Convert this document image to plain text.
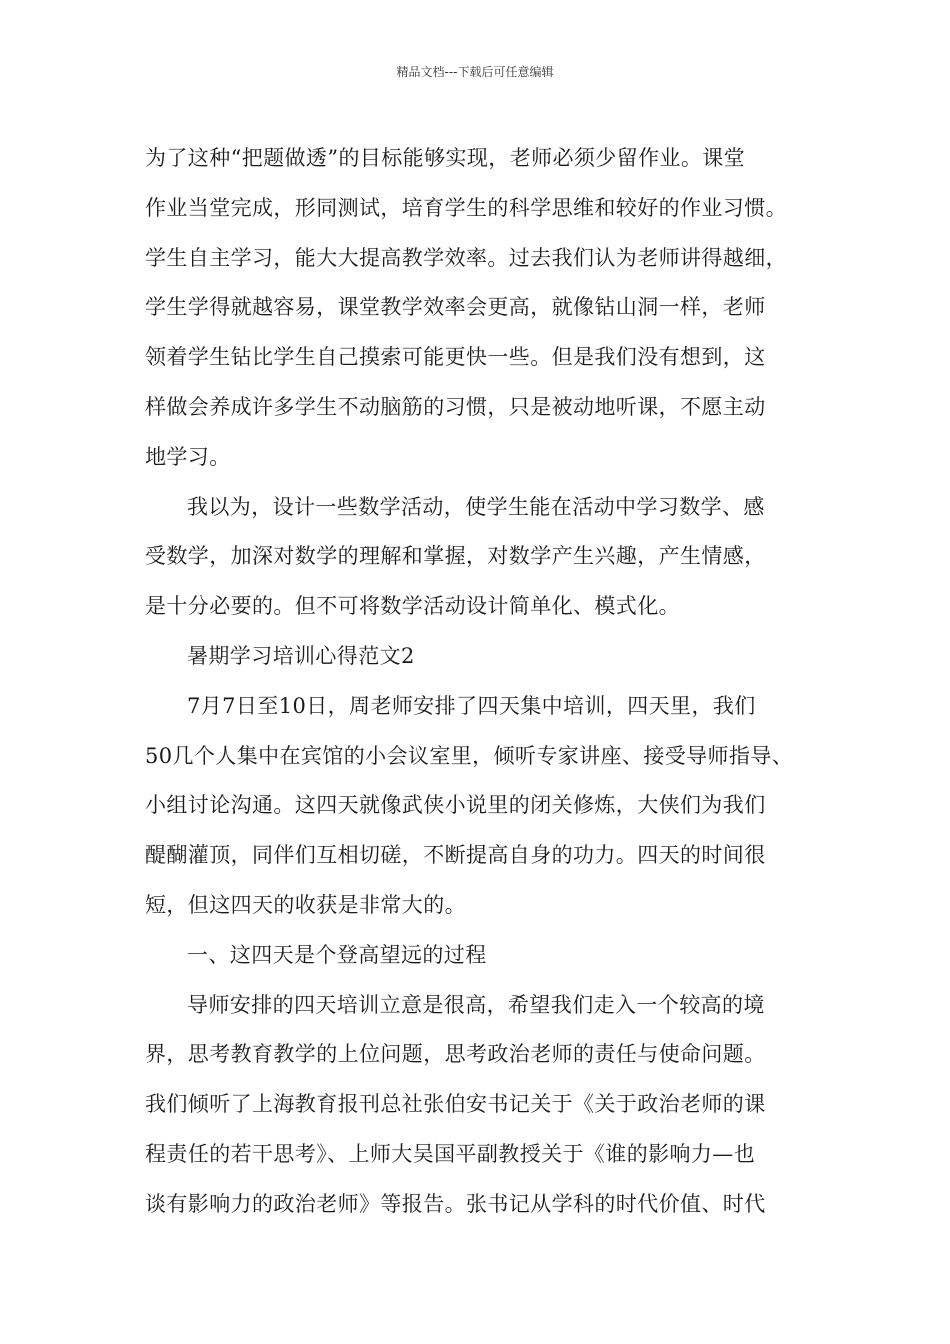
精品文档---下载后可任意编辑

为了这种“把题做透”的目标能够实现，老师必须少留作业。课堂
作业当堂完成，形同测试，培育学生的科学思维和较好的作业习惯。
学生自主学习，能大大提高教学效率。过去我们认为老师讲得越细，
学生学得就越容易，课堂教学效率会更高，就像钻山洞一样，老师
领着学生钻比学生自己摸索可能更快一些。但是我们没有想到，这
样做会养成许多学生不动脑筋的习惯，只是被动地听课，不愿主动
地学习。

我以为，设计一些数学活动，使学生能在活动中学习数学、感
受数学，加深对数学的理解和掌握，对数学产生兴趣，产生情感，
是十分必要的。但不可将数学活动设计简单化、模式化。

暑期学习培训心得范文2

7月7日至10日，周老师安排了四天集中培训，四天里，我们
50几个人集中在宾馆的小会议室里，倾听专家讲座、接受导师指导、
小组讨论沟通。这四天就像武侠小说里的闭关修炼，大侠们为我们
醍醐灌顶，同伴们互相切磋，不断提高自身的功力。四天的时间很
短，但这四天的收获是非常大的。

一、这四天是个登高望远的过程

导师安排的四天培训立意是很高，希望我们走入一个较高的境
界，思考教育教学的上位问题，思考政治老师的责任与使命问题。
我们倾听了上海教育报刊总社张伯安书记关于《关于政治老师的课
程责任的若干思考》、上师大吴国平副教授关于《谁的影响力—也
谈有影响力的政治老师》等报告。张书记从学科的时代价值、时代
